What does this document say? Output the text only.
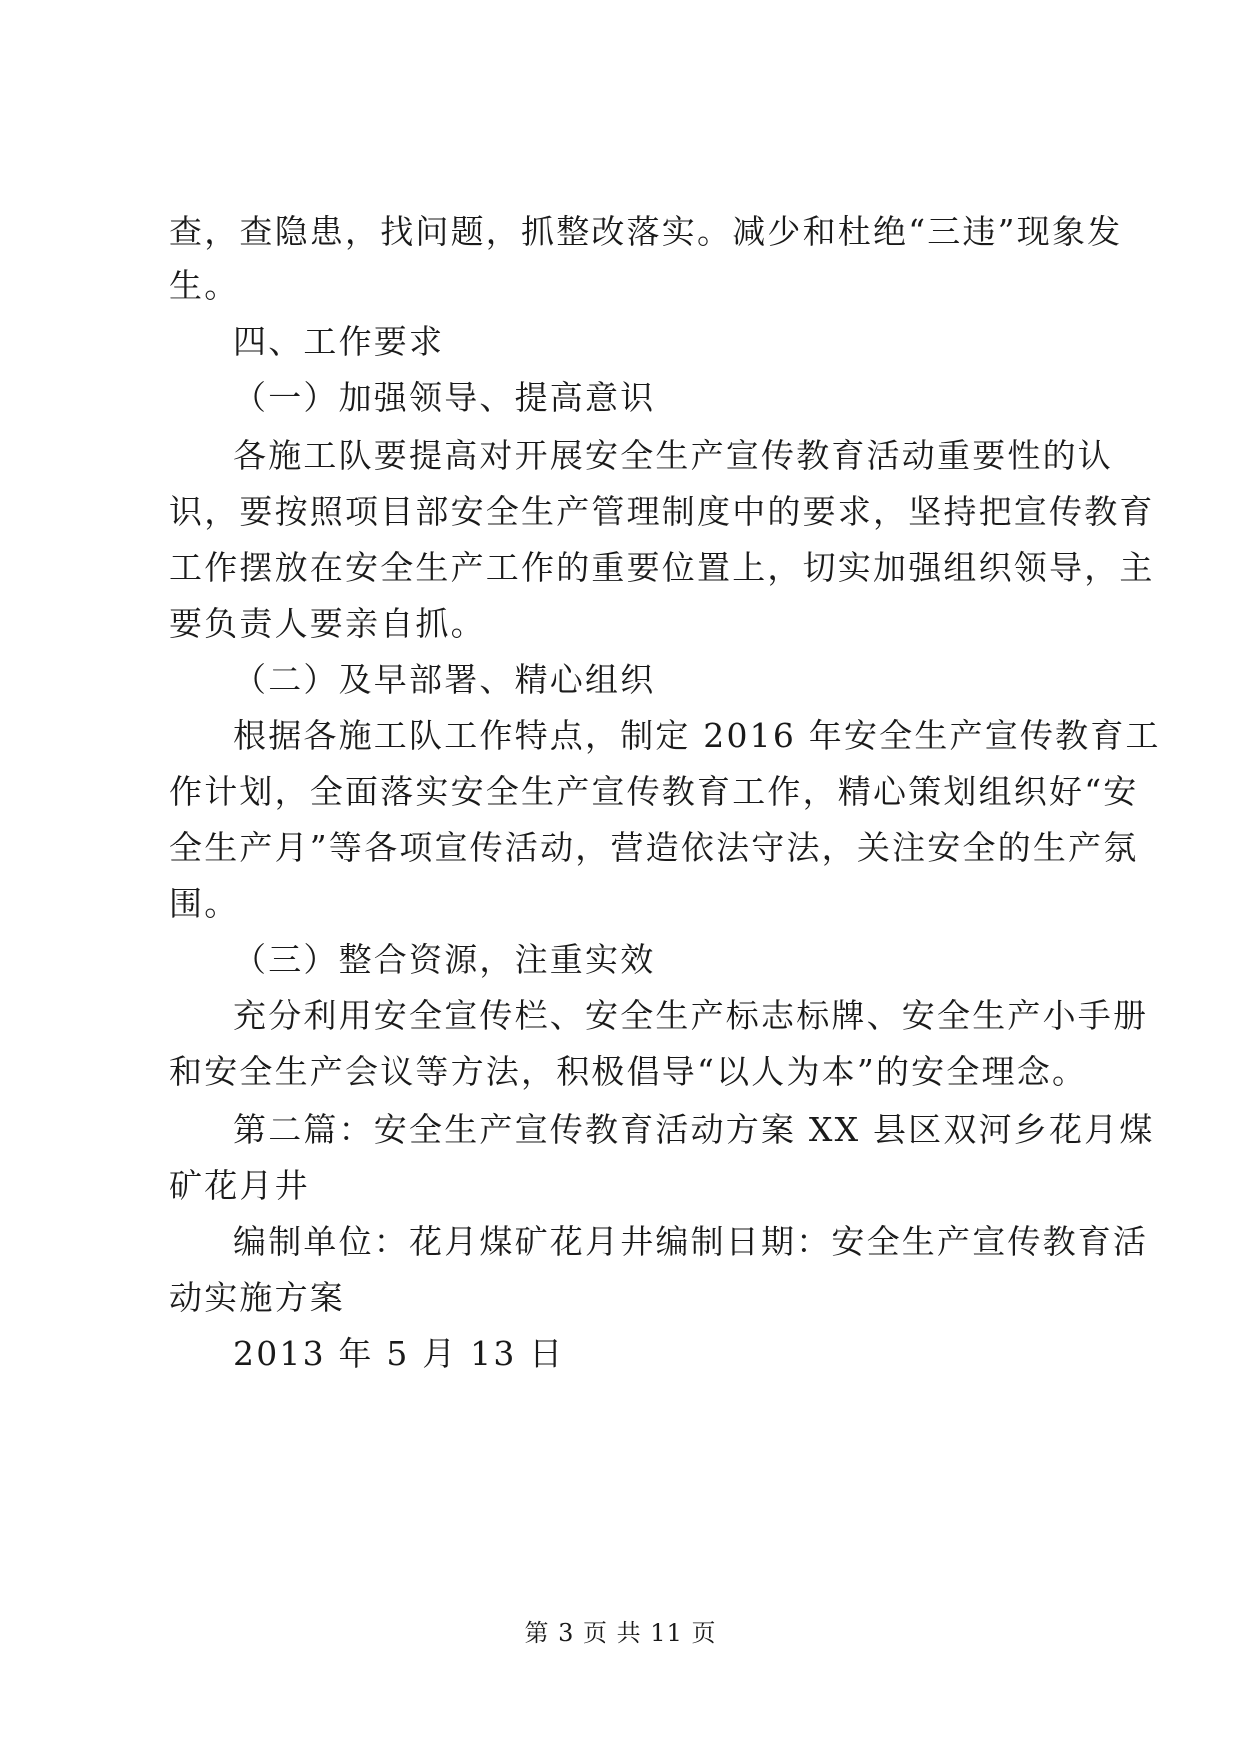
查，查隐患，找问题，抓整改落实。减少和杜绝“三违”现象发
生。
四、工作要求
（一）加强领导、提高意识
各施工队要提高对开展安全生产宣传教育活动重要性的认
识，要按照项目部安全生产管理制度中的要求，坚持把宣传教育
工作摆放在安全生产工作的重要位置上，切实加强组织领导，主
要负责人要亲自抓。
（二）及早部署、精心组织
根据各施工队工作特点，制定 2016 年安全生产宣传教育工
作计划，全面落实安全生产宣传教育工作，精心策划组织好“安
全生产月”等各项宣传活动，营造依法守法，关注安全的生产氛
围。
（三）整合资源，注重实效
充分利用安全宣传栏、安全生产标志标牌、安全生产小手册
和安全生产会议等方法，积极倡导“以人为本”的安全理念。
第二篇：安全生产宣传教育活动方案 XX 县区双河乡花月煤
矿花月井
编制单位：花月煤矿花月井编制日期：安全生产宣传教育活
动实施方案
2013 年 5 月 13 日
第 3 页 共 11 页
